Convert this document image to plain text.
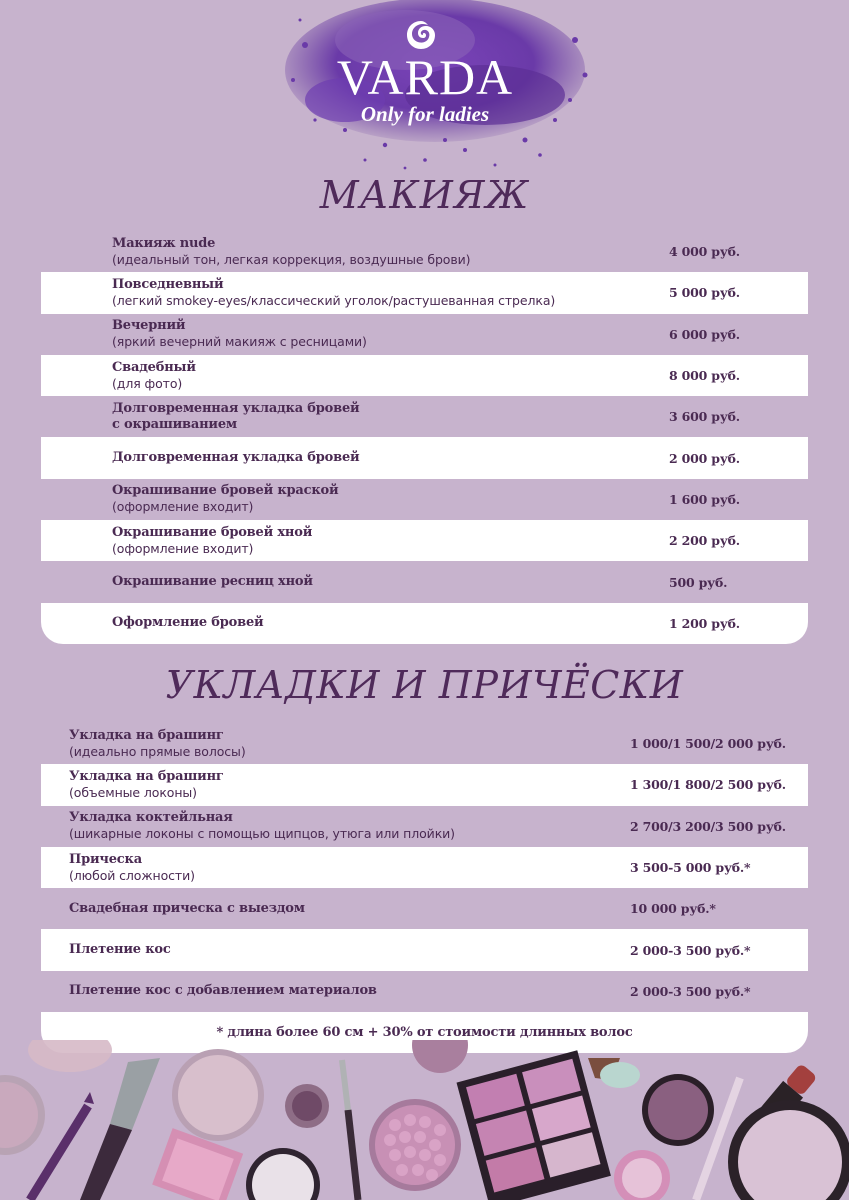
VARDA
Only for ladies
МАКИЯЖ
Макияж nude
(идеальный тон, легкая коррекция, воздушные брови)	4 000 руб.
Повседневный
(легкий smokey-eyes/классический уголок/растушеванная стрелка)	5 000 руб.
Вечерний
(яркий вечерний макияж с ресницами)	6 000 руб.
Свадебный
(для фото)	8 000 руб.
Долговременная укладка бровей
с окрашиванием	3 600 руб.
Долговременная укладка бровей	2 000 руб.
Окрашивание бровей краской
(оформление входит)	1 600 руб.
Окрашивание бровей хной
(оформление входит)	2 200 руб.
Окрашивание ресниц хной	500 руб.
Оформление бровей	1 200 руб.
УКЛАДКИ И ПРИЧЁСКИ
Укладка на брашинг
(идеально прямые волосы)	1 000/1 500/2 000 руб.
Укладка на брашинг
(объемные локоны)	1 300/1 800/2 500 руб.
Укладка коктейльная
(шикарные локоны с помощью щипцов, утюга или плойки)	2 700/3 200/3 500 руб.
Прическа
(любой сложности)	3 500-5 000 руб.*
Свадебная прическа с выездом	10 000 руб.*
Плетение кос	2 000-3 500 руб.*
Плетение кос с добавлением материалов	2 000-3 500 руб.*
* длина более 60 см + 30% от стоимости длинных волос
